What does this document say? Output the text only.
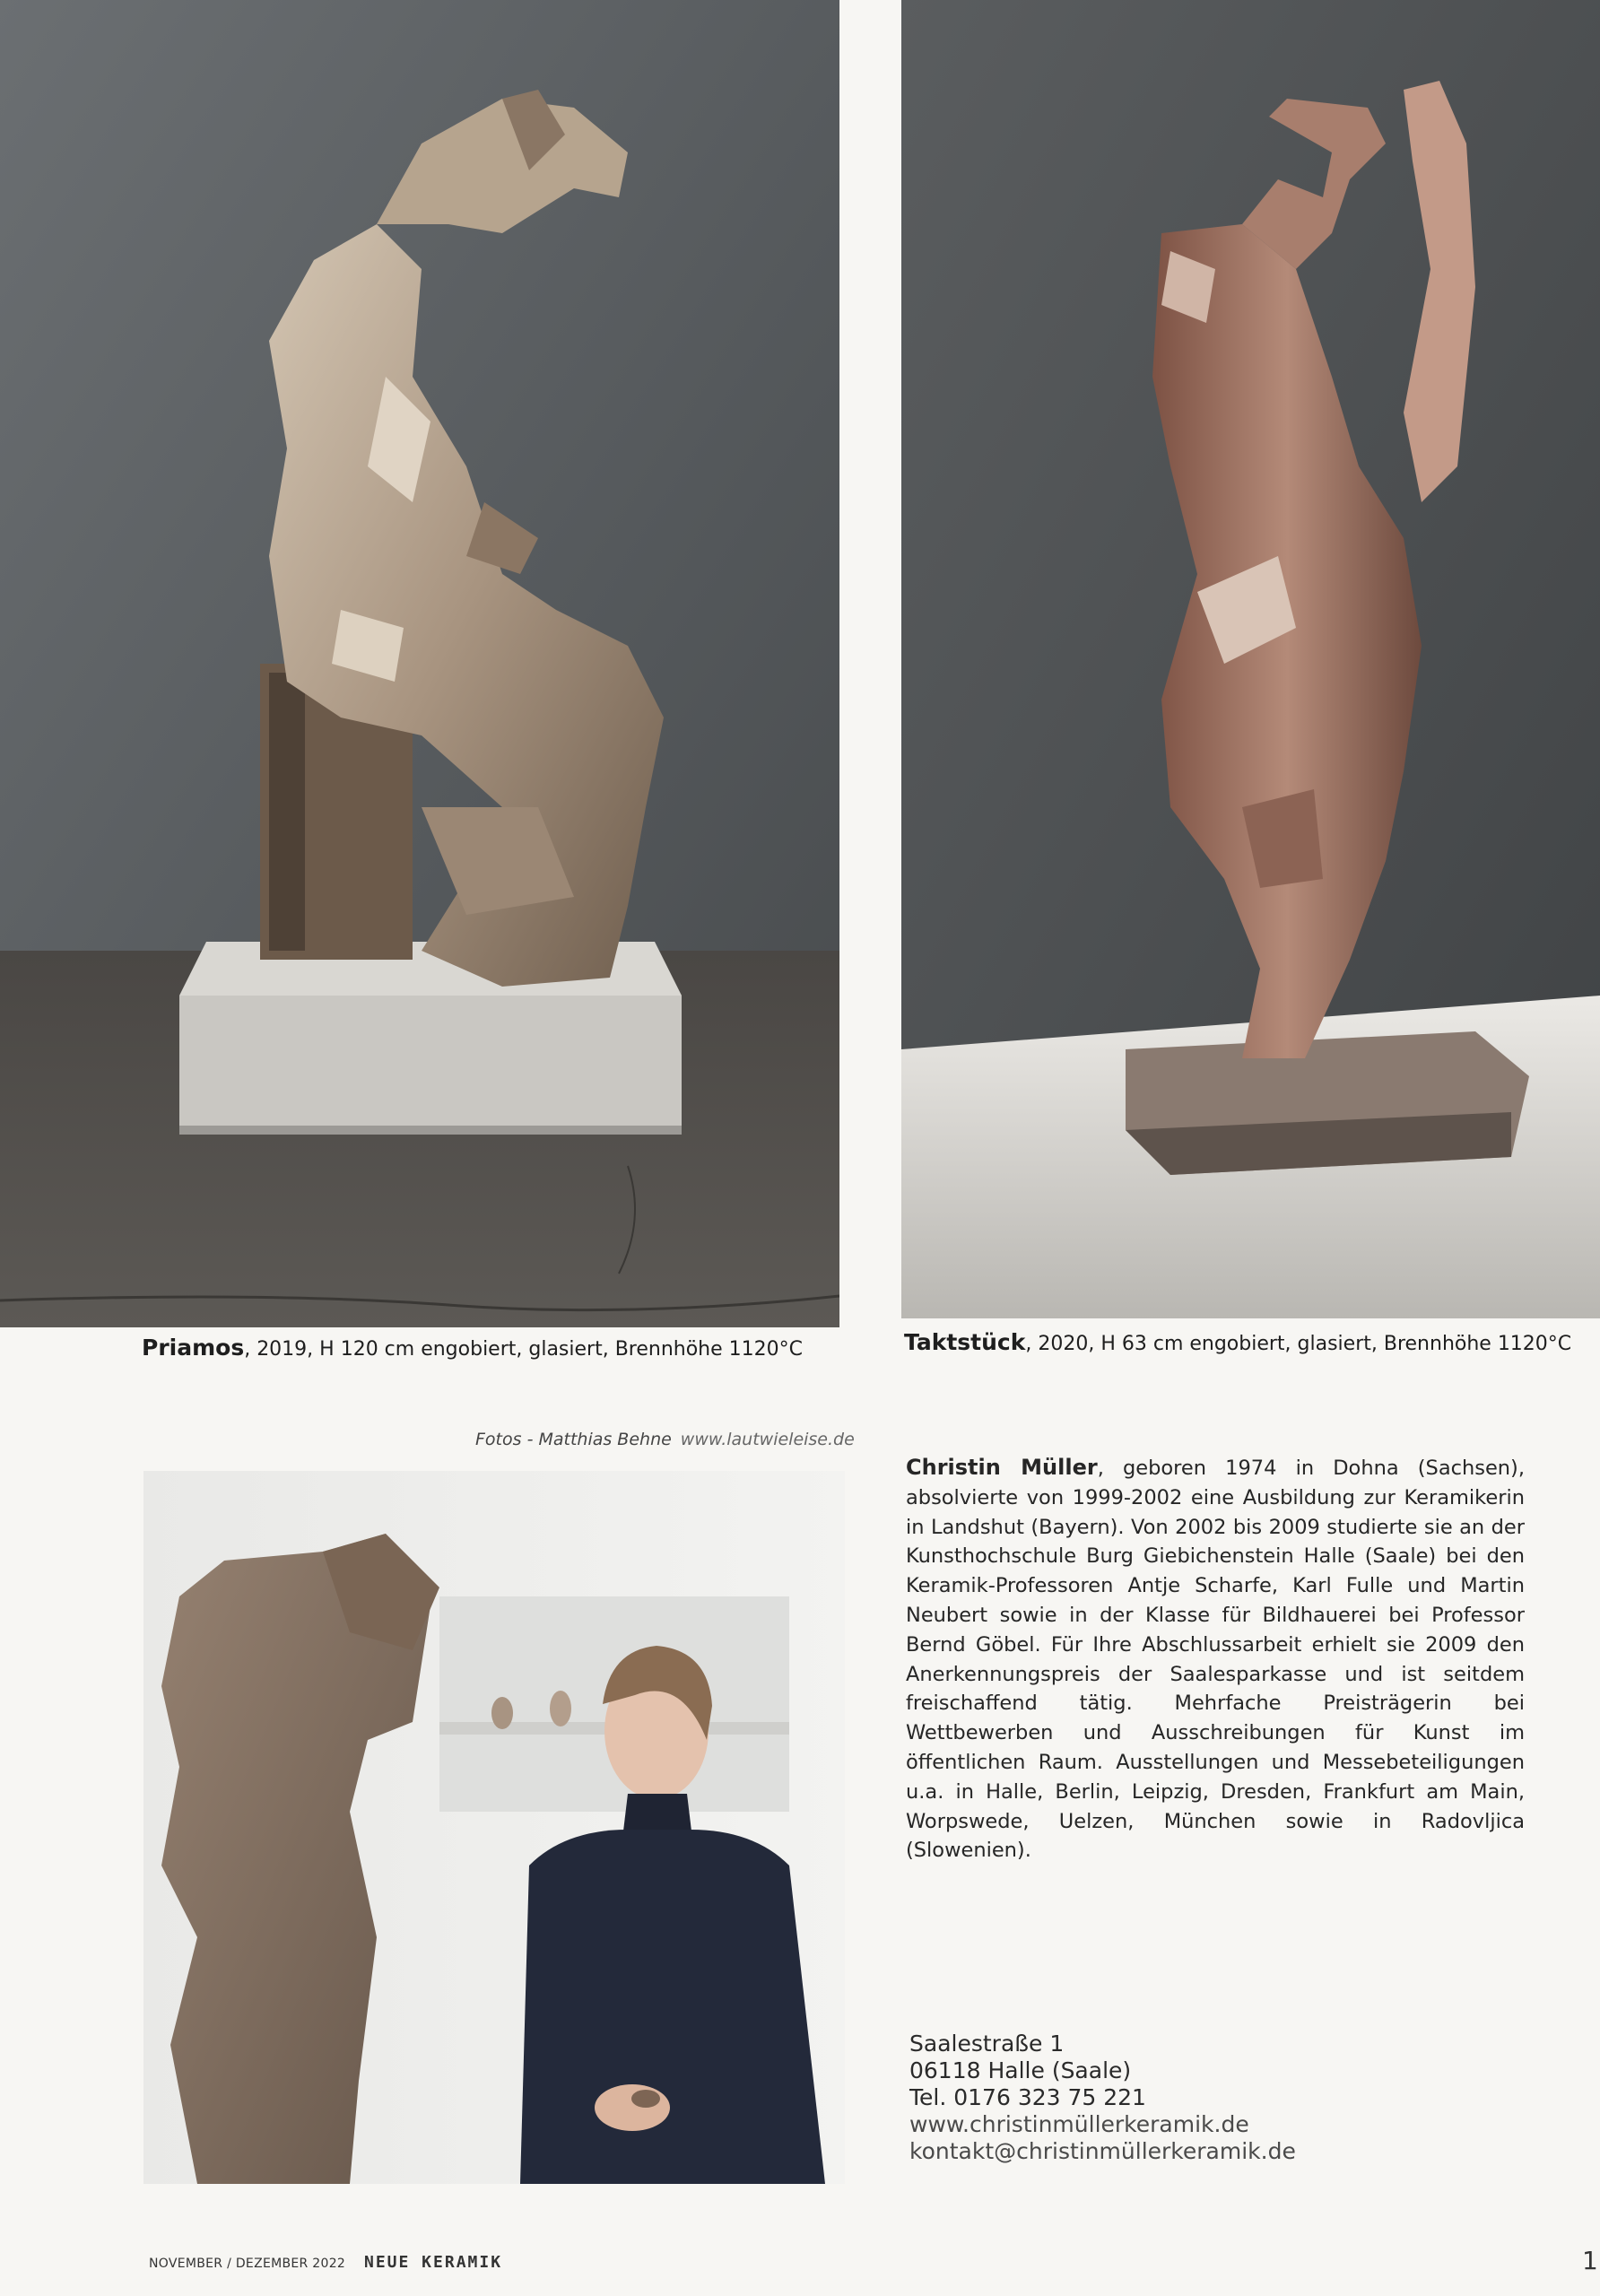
Priamos, 2019, H 120 cm engobiert, glasiert, Brennhöhe 1120°C	Taktstück, 2020, H 63 cm engobiert, glasiert, Brennhöhe 1120°C
Fotos - Matthias Behne www.lautwieleise.de
Christin Müller, geboren 1974 in Dohna (Sachsen), absolvierte von 1999-2002 eine Ausbildung zur Keramikerin in Landshut (Bayern). Von 2002 bis 2009 studierte sie an der Kunsthochschule Burg Giebichenstein Halle (Saale) bei den Keramik-Professoren Antje Scharfe, Karl Fulle und Martin Neubert sowie in der Klasse für Bildhauerei bei Professor Bernd Göbel. Für Ihre Abschlussarbeit erhielt sie 2009 den Anerkennungspreis der Saalesparkasse und ist seitdem freischaffend tätig. Mehrfache Preisträgerin bei Wettbewerben und Ausschreibungen für Kunst im öffentlichen Raum. Ausstellungen und Messebeteiligungen u.a. in Halle, Berlin, Leipzig, Dresden, Frankfurt am Main, Worpswede, Uelzen, München sowie in Radovljica (Slowenien).
Saalestraße 1
06118 Halle (Saale)
Tel. 0176 323 75 221
www.christinmüllerkeramik.de
kontakt@christinmüllerkeramik.de
NOVEMBER / DEZEMBER 2022 NEUE KERAMIK	1
